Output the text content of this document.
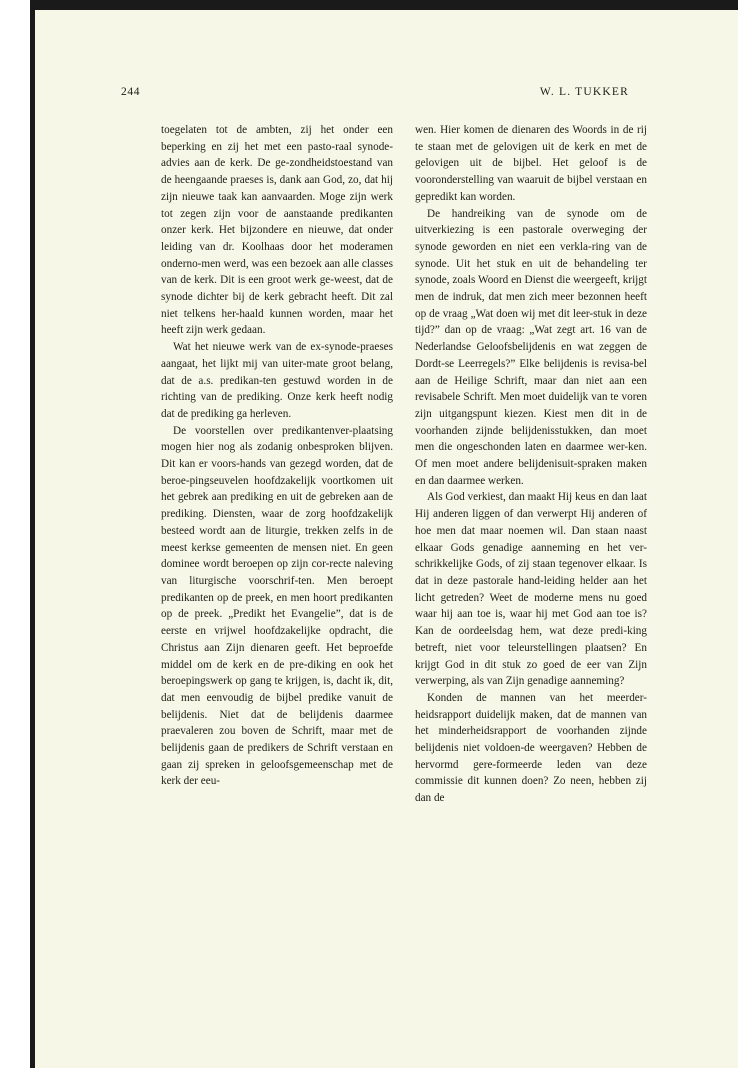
244	W. L. TUKKER

toegelaten tot de ambten, zij het onder een beperking en zij het met een pasto-raal synode-advies aan de kerk. De ge-zondheidstoestand van de heengaande praeses is, dank aan God, zo, dat hij zijn nieuwe taak kan aanvaarden. Moge zijn werk tot zegen zijn voor de aanstaande predikanten onzer kerk. Het bijzondere en nieuwe, dat onder leiding van dr. Koolhaas door het moderamen onderno-men werd, was een bezoek aan alle classes van de kerk. Dit is een groot werk ge-weest, dat de synode dichter bij de kerk gebracht heeft. Dit zal niet telkens her-haald kunnen worden, maar het heeft zijn werk gedaan.

Wat het nieuwe werk van de ex-synode-praeses aangaat, het lijkt mij van uiter-mate groot belang, dat de a.s. predikan-ten gestuwd worden in de richting van de prediking. Onze kerk heeft nodig dat de prediking ga herleven.

De voorstellen over predikantenver-plaatsing mogen hier nog als zodanig onbesproken blijven. Dit kan er voors-hands van gezegd worden, dat de beroe-pingseuvelen hoofdzakelijk voortkomen uit het gebrek aan prediking en uit de gebreken aan de prediking. Diensten, waar de zorg hoofdzakelijk besteed wordt aan de liturgie, trekken zelfs in de meest kerkse gemeenten de mensen niet. En geen dominee wordt beroepen op zijn cor-recte naleving van liturgische voorschrif-ten. Men beroept predikanten op de preek, en men hoort predikanten op de preek. „Predikt het Evangelie”, dat is de eerste en vrijwel hoofdzakelijke opdracht, die Christus aan Zijn dienaren geeft. Het beproefde middel om de kerk en de pre-diking en ook het beroepingswerk op gang te krijgen, is, dacht ik, dit, dat men eenvoudig de bijbel predike vanuit de belijdenis. Niet dat de belijdenis daarmee praevaleren zou boven de Schrift, maar met de belijdenis gaan de predikers de Schrift verstaan en gaan zij spreken in geloofsgemeenschap met de kerk der eeu-

wen. Hier komen de dienaren des Woords in de rij te staan met de gelovigen uit de kerk en met de gelovigen uit de bijbel. Het geloof is de vooronderstelling van waaruit de bijbel verstaan en gepredikt kan worden.

De handreiking van de synode om de uitverkiezing is een pastorale overweging der synode geworden en niet een verkla-ring van de synode. Uit het stuk en uit de behandeling ter synode, zoals Woord en Dienst die weergeeft, krijgt men de indruk, dat men zich meer bezonnen heeft op de vraag „Wat doen wij met dit leer-stuk in deze tijd?” dan op de vraag: „Wat zegt art. 16 van de Nederlandse Geloofsbelijdenis en wat zeggen de Dordt-se Leerregels?” Elke belijdenis is revisa-bel aan de Heilige Schrift, maar dan niet aan een revisabele Schrift. Men moet duidelijk van te voren zijn uitgangspunt kiezen. Kiest men dit in de voorhanden zijnde belijdenisstukken, dan moet men die ongeschonden laten en daarmee wer-ken. Of men moet andere belijdenisuit-spraken maken en dan daarmee werken.

Als God verkiest, dan maakt Hij keus en dan laat Hij anderen liggen of dan verwerpt Hij anderen of hoe men dat maar noemen wil. Dan staan naast elkaar Gods genadige aanneming en het ver-schrikkelijke Gods, of zij staan tegenover elkaar. Is dat in deze pastorale hand-leiding helder aan het licht getreden? Weet de moderne mens nu goed waar hij aan toe is, waar hij met God aan toe is? Kan de oordeelsdag hem, wat deze predi-king betreft, niet voor teleurstellingen plaatsen? En krijgt God in dit stuk zo goed de eer van Zijn verwerping, als van Zijn genadige aanneming?

Konden de mannen van het meerder-heidsrapport duidelijk maken, dat de mannen van het minderheidsrapport de voorhanden zijnde belijdenis niet voldoen-de weergaven? Hebben de hervormd gere-formeerde leden van deze commissie dit kunnen doen? Zo neen, hebben zij dan de
